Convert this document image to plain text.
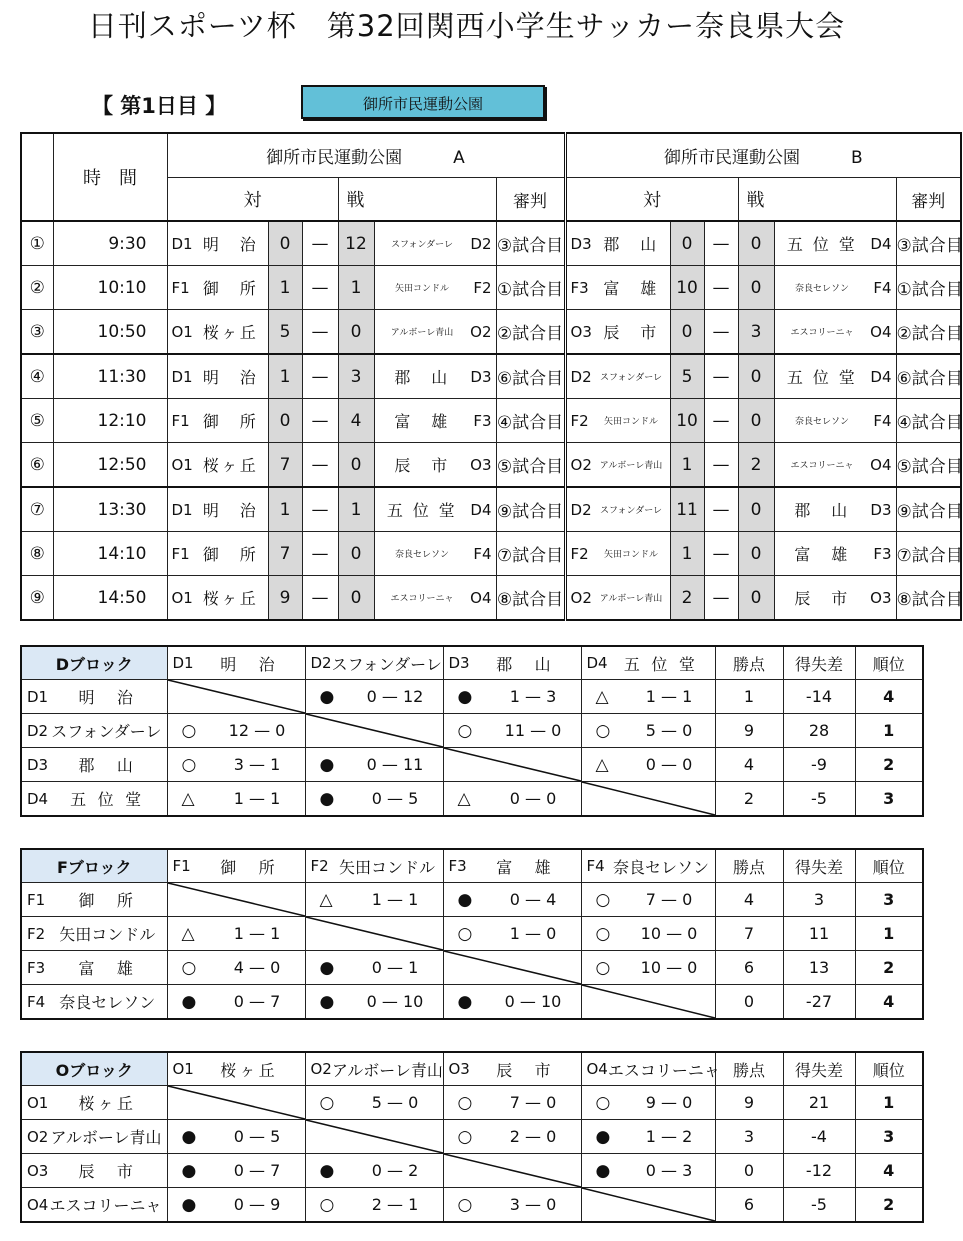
日刊スポーツ杯　第32回関西小学生サッカー奈良県大会
【 第1日目 】	御所市民運動公園
	時　間	御所市民運動公園　　　A						御所市民運動公園　　　B					
		対			戦		審判	対			戦		審判
①	9:30	D1 明　治	0	—	12	スフォンダーレ D2	③試合目	D3 郡　山	0	—	0	五 位 堂 D4	③試合目
②	10:10	F1 御　所	1	—	1	矢田コンドル F2	①試合目	F3 富　雄	10	—	0	奈良セレソン F4	①試合目
③	10:50	O1 桜ヶ丘	5	—	0	アルボーレ青山 O2	②試合目	O3 辰　市	0	—	3	エスコリーニャ O4	②試合目
④	11:30	D1 明　治	1	—	3	郡　山 D3	⑥試合目	D2 スフォンダーレ	5	—	0	五 位 堂 D4	⑥試合目
⑤	12:10	F1 御　所	0	—	4	富　雄 F3	④試合目	F2 矢田コンドル	10	—	0	奈良セレソン F4	④試合目
⑥	12:50	O1 桜ヶ丘	7	—	0	辰　市 O3	⑤試合目	O2 アルボーレ青山	1	—	2	エスコリーニャ O4	⑤試合目
⑦	13:30	D1 明　治	1	—	1	五 位 堂 D4	⑨試合目	D2 スフォンダーレ	11	—	0	郡　山 D3	⑨試合目
⑧	14:10	F1 御　所	7	—	0	奈良セレソン F4	⑦試合目	F2 矢田コンドル	1	—	0	富　雄 F3	⑦試合目
⑨	14:50	O1 桜ヶ丘	9	—	0	エスコリーニャ O4	⑧試合目	O2 アルボーレ青山	2	—	0	辰　市 O3	⑧試合目
Dブロック	D1 明　治	D2 スフォンダーレ	D3 郡　山	D4 五 位 堂	勝点	得失差	順位

D1 明　治		● 0 — 12	● 1 — 3	△ 1 — 1	1	-14	4

D2 スフォンダーレ	○ 12 — 0		○ 11 — 0	○ 5 — 0	9	28	1

D3 郡　山	○ 3 — 1	● 0 — 11		△ 0 — 0	4	-9	2

D4 五 位 堂	△ 1 — 1	● 0 — 5	△ 0 — 0		2	-5	3
Fブロック	F1 御　所	F2 矢田コンドル	F3 富　雄	F4 奈良セレソン	勝点	得失差	順位

F1 御　所		△ 1 — 1	● 0 — 4	○ 7 — 0	4	3	3

F2 矢田コンドル	△ 1 — 1		○ 1 — 0	○ 10 — 0	7	11	1

F3 富　雄	○ 4 — 0	● 0 — 1		○ 10 — 0	6	13	2

F4 奈良セレソン	● 0 — 7	● 0 — 10	● 0 — 10		0	-27	4
Oブロック	O1 桜ヶ丘	O2 アルボーレ青山	O3 辰　市	O4 エスコリーニャ	勝点	得失差	順位

O1 桜ヶ丘		○ 5 — 0	○ 7 — 0	○ 9 — 0	9	21	1

O2 アルボーレ青山	● 0 — 5		○ 2 — 0	● 1 — 2	3	-4	3

O3 辰　市	● 0 — 7	● 0 — 2		● 0 — 3	0	-12	4

O4 エスコリーニャ	● 0 — 9	○ 2 — 1	○ 3 — 0		6	-5	2
